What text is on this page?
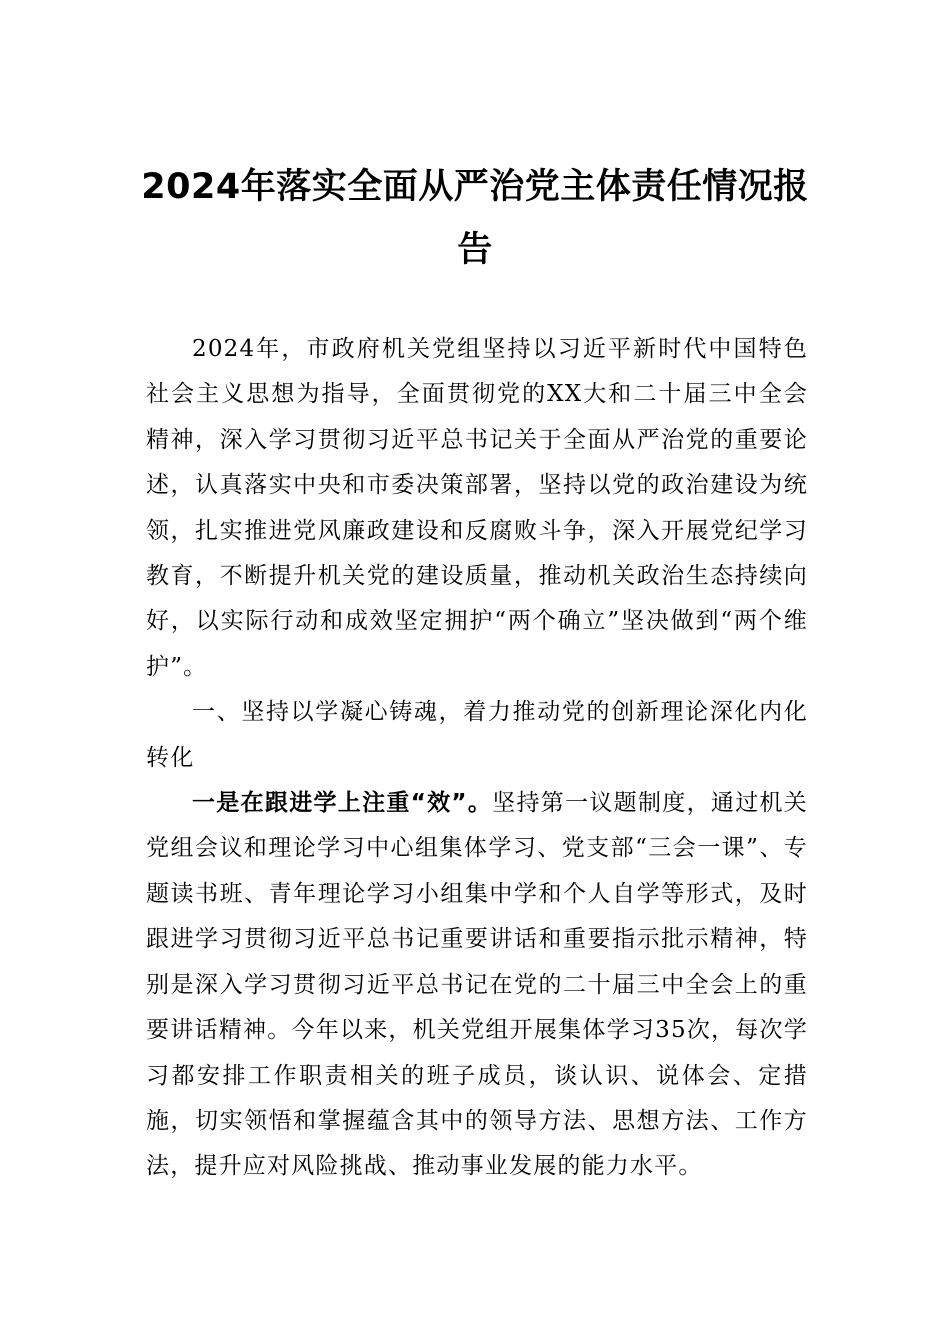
2024年落实全面从严治党主体责任情况报告

2024年，市政府机关党组坚持以习近平新时代中国特色社会主义思想为指导，全面贯彻党的XX大和二十届三中全会精神，深入学习贯彻习近平总书记关于全面从严治党的重要论述，认真落实中央和市委决策部署，坚持以党的政治建设为统领，扎实推进党风廉政建设和反腐败斗争，深入开展党纪学习教育，不断提升机关党的建设质量，推动机关政治生态持续向好，以实际行动和成效坚定拥护“两个确立”坚决做到“两个维护”。

一、坚持以学凝心铸魂，着力推动党的创新理论深化内化转化

一是在跟进学上注重“效”。坚持第一议题制度，通过机关党组会议和理论学习中心组集体学习、党支部“三会一课”、专题读书班、青年理论学习小组集中学和个人自学等形式，及时跟进学习贯彻习近平总书记重要讲话和重要指示批示精神，特别是深入学习贯彻习近平总书记在党的二十届三中全会上的重要讲话精神。今年以来，机关党组开展集体学习35次，每次学习都安排工作职责相关的班子成员，谈认识、说体会、定措施，切实领悟和掌握蕴含其中的领导方法、思想方法、工作方法，提升应对风险挑战、推动事业发展的能力水平。
